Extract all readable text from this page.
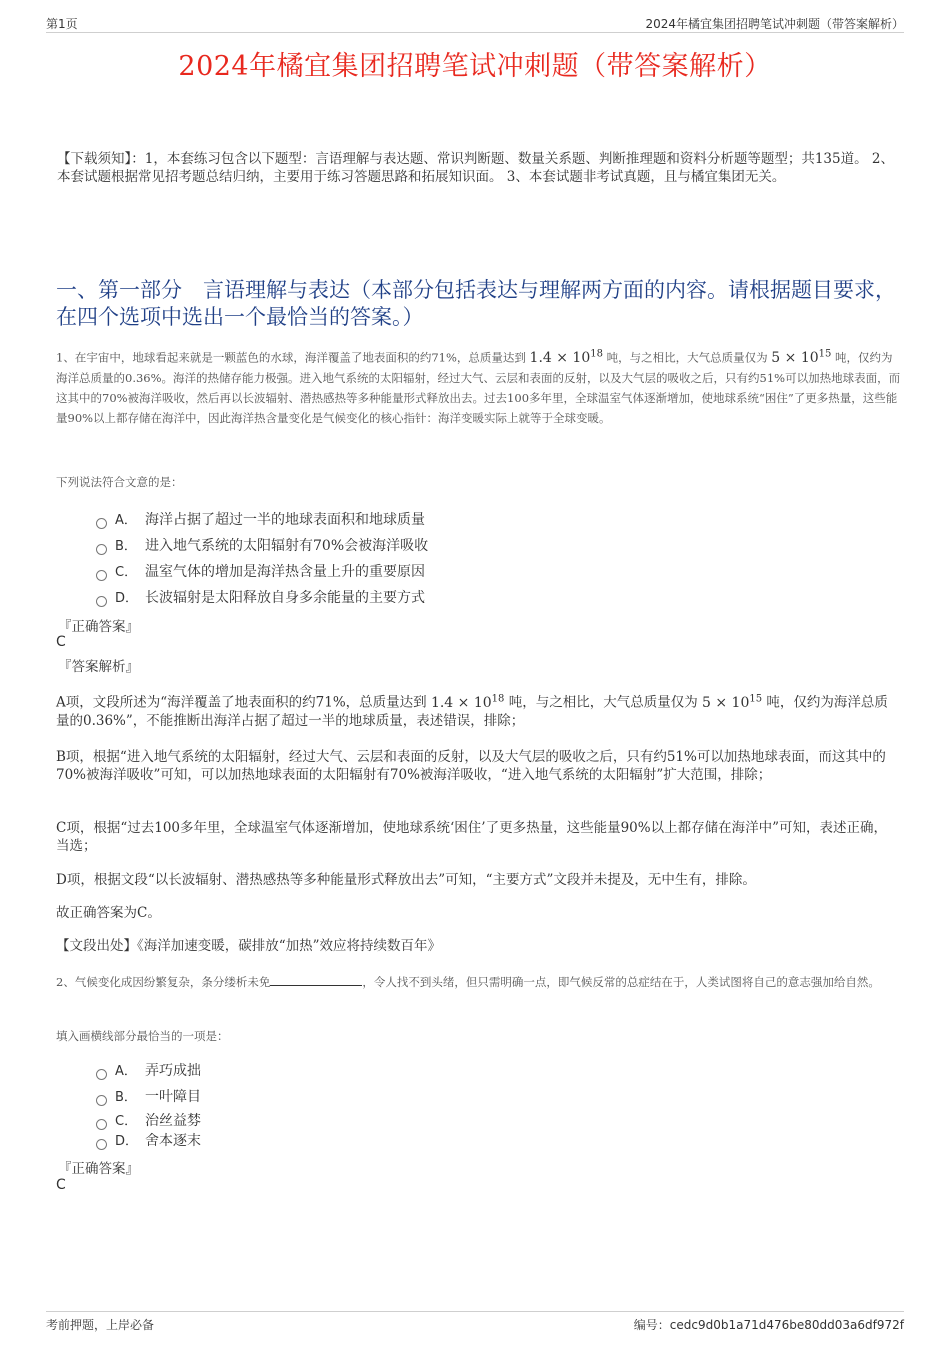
第1页	2024年橘宜集团招聘笔试冲刺题（带答案解析）
2024年橘宜集团招聘笔试冲刺题（带答案解析）
【下载须知】：1，本套练习包含以下题型：言语理解与表达题、常识判断题、数量关系题、判断推理题和资料分析题等题型；共135道。 2、本套试题根据常见招考题总结归纳，主要用于练习答题思路和拓展知识面。 3、本套试题非考试真题，且与橘宜集团无关。
一、第一部分　言语理解与表达（本部分包括表达与理解两方面的内容。请根据题目要求，在四个选项中选出一个最恰当的答案。）
1、在宇宙中，地球看起来就是一颗蓝色的水球，海洋覆盖了地表面积的约71%，总质量达到 $1.4 \times 10^{18}$ 吨，与之相比，大气总质量仅为 $5 \times 10^{15}$ 吨，仅约为海洋总质量的0.36%。海洋的热储存能力极强。进入地气系统的太阳辐射，经过大气、云层和表面的反射，以及大气层的吸收之后，只有约51%可以加热地球表面，而这其中的70%被海洋吸收，然后再以长波辐射、潜热感热等多种能量形式释放出去。过去100多年里，全球温室气体逐渐增加，使地球系统“困住”了更多热量，这些能量90%以上都存储在海洋中，因此海洋热含量变化是气候变化的核心指针：海洋变暖实际上就等于全球变暖。
下列说法符合文意的是：
A． 海洋占据了超过一半的地球表面积和地球质量
B． 进入地气系统的太阳辐射有70%会被海洋吸收
C． 温室气体的增加是海洋热含量上升的重要原因
D． 长波辐射是太阳释放自身多余能量的主要方式
『正确答案』
C
『答案解析』
A项，文段所述为“海洋覆盖了地表面积的约71%，总质量达到 $1.4 \times 10^{18}$ 吨，与之相比，大气总质量仅为 $5 \times 10^{15}$ 吨，仅约为海洋总质量的0.36%”，不能推断出海洋占据了超过一半的地球质量，表述错误，排除；
B项，根据“进入地气系统的太阳辐射，经过大气、云层和表面的反射，以及大气层的吸收之后，只有约51%可以加热地球表面，而这其中的70%被海洋吸收”可知，可以加热地球表面的太阳辐射有70%被海洋吸收，“进入地气系统的太阳辐射”扩大范围，排除；
C项，根据“过去100多年里，全球温室气体逐渐增加，使地球系统‘困住’了更多热量，这些能量90%以上都存储在海洋中”可知，表述正确，当选；
D项，根据文段“以长波辐射、潜热感热等多种能量形式释放出去”可知，“主要方式”文段并未提及，无中生有，排除。
故正确答案为C。
【文段出处】《海洋加速变暖，碳排放“加热”效应将持续数百年》
2、气候变化成因纷繁复杂，条分缕析未免	，令人找不到头绪，但只需明确一点，即气候反常的总症结在于，人类试图将自己的意志强加给自然。
填入画横线部分最恰当的一项是：
A． 弄巧成拙
B． 一叶障目
C． 治丝益棼
D． 舍本逐末
『正确答案』
C
考前押题，上岸必备	编号：cedc9d0b1a71d476be80dd03a6df972f
